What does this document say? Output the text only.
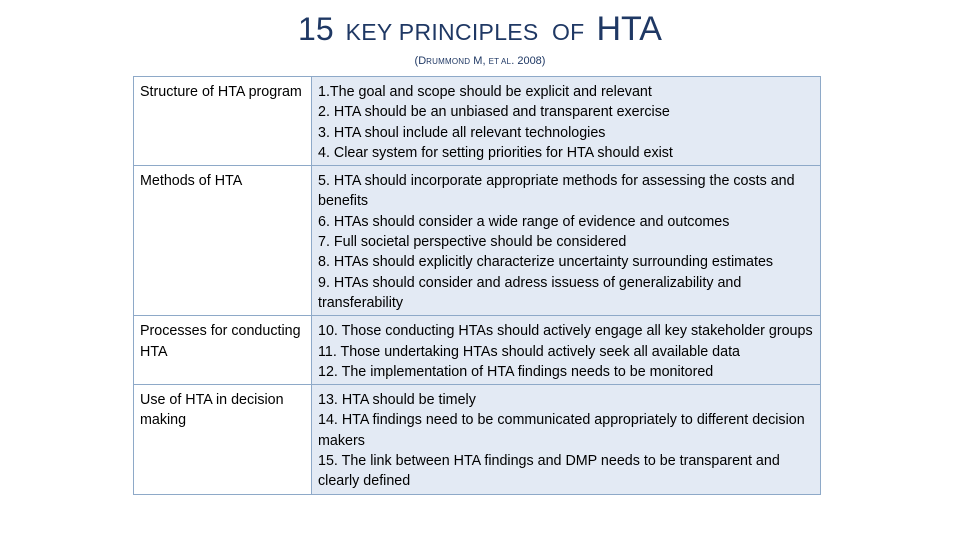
15 KEY PRINCIPLES  OF HTA
(DRUMMOND M, ET AL. 2008)
Structure of HTA program	1.The goal and scope should be explicit and relevant
2. HTA should be an unbiased and transparent exercise
3. HTA shoul include all relevant technologies
4. Clear system for setting priorities for HTA should exist

Methods of HTA	5. HTA should incorporate appropriate methods for assessing the costs and benefits
6. HTAs should consider a wide range of evidence and outcomes
7. Full societal perspective should be considered
8. HTAs should explicitly characterize uncertainty surrounding estimates
9. HTAs should consider and adress issuess of generalizability and transferability

Processes for conducting HTA	10. Those conducting HTAs should actively engage all key stakeholder groups
11. Those undertaking HTAs should actively seek all available data
12. The implementation of HTA findings needs to be monitored

Use of HTA in decision making	13. HTA should be timely
14. HTA findings need to be communicated appropriately to different decision makers
15. The link between HTA findings and DMP needs to be transparent and clearly defined
